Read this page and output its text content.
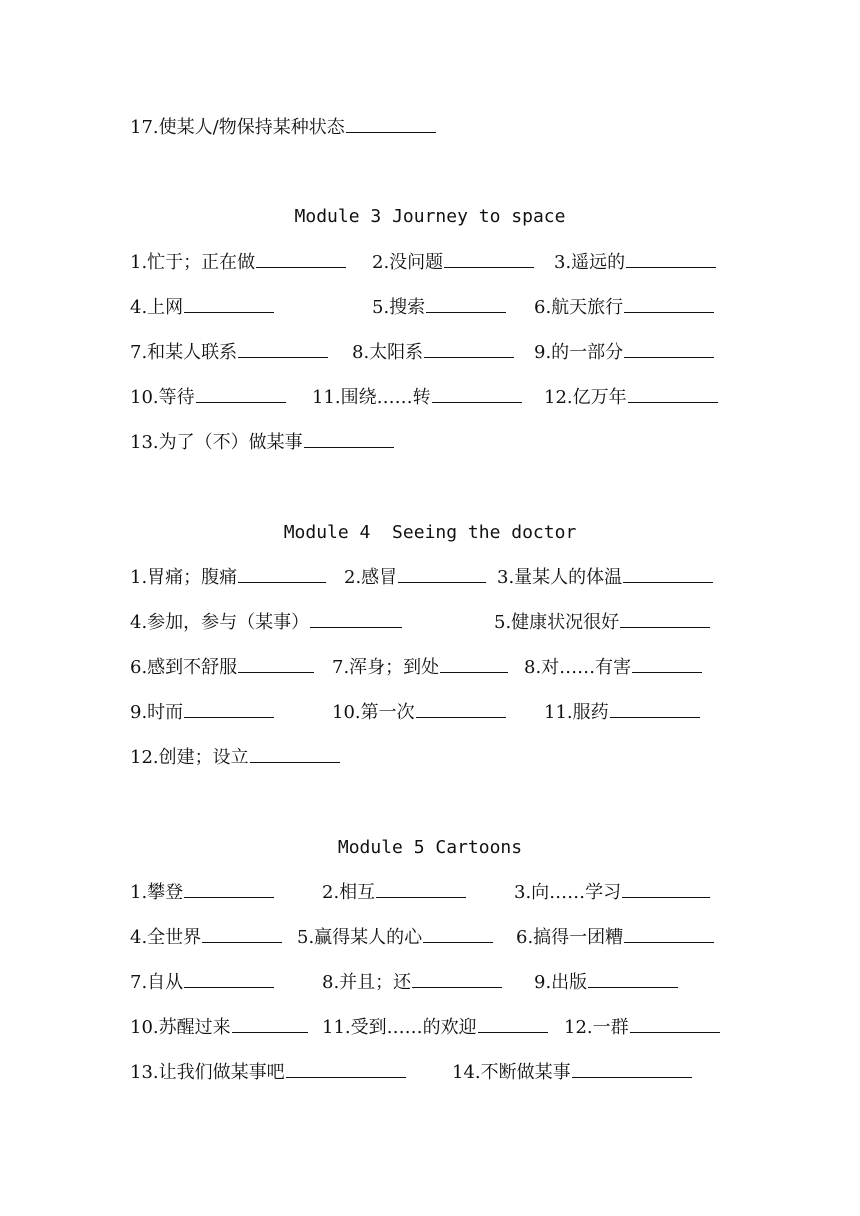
17.使某人/物保持某种状态
Module 3 Journey to space
1.忙于；正在做	2.没问题	3.遥远的
4.上网	5.搜索	6.航天旅行
7.和某人联系	8.太阳系	9.的一部分
10.等待	11.围绕……转	12.亿万年
13.为了（不）做某事
Module 4  Seeing the doctor
1.胃痛；腹痛	2.感冒	3.量某人的体温
4.参加，参与（某事）	5.健康状况很好
6.感到不舒服	7.浑身；到处	8.对……有害
9.时而	10.第一次	11.服药
12.创建；设立
Module 5 Cartoons
1.攀登	2.相互	3.向……学习
4.全世界	5.赢得某人的心	6.搞得一团糟
7.自从	8.并且；还	9.出版
10.苏醒过来	11.受到……的欢迎	12.一群
13.让我们做某事吧	14.不断做某事
